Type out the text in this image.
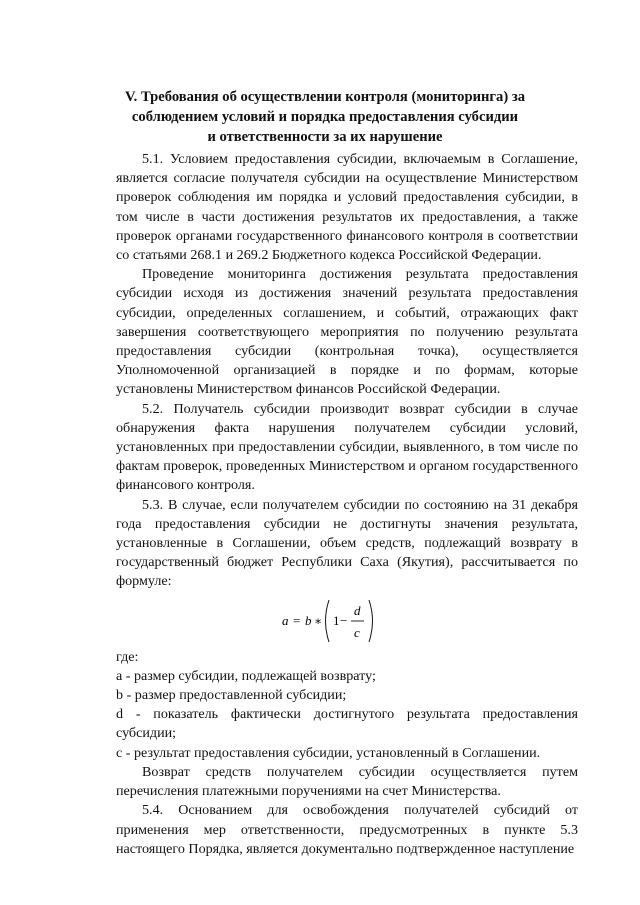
V. Требования об осуществлении контроля (мониторинга) за
соблюдением условий и порядка предоставления субсидии
и ответственности за их нарушение

5.1. Условием предоставления субсидии, включаемым в Соглашение, является согласие получателя субсидии на осуществление Министерством проверок соблюдения им порядка и условий предоставления субсидии, в том числе в части достижения результатов их предоставления, а также проверок органами государственного финансового контроля в соответствии со статьями 268.1 и 269.2 Бюджетного кодекса Российской Федерации.

Проведение мониторинга достижения результата предоставления субсидии исходя из достижения значений результата предоставления субсидии, определенных соглашением, и событий, отражающих факт завершения соответствующего мероприятия по получению результата предоставления субсидии (контрольная точка), осуществляется Уполномоченной организацией в порядке и по формам, которые установлены Министерством финансов Российской Федерации.

5.2. Получатель субсидии производит возврат субсидии в случае обнаружения факта нарушения получателем субсидии условий, установленных при предоставлении субсидии, выявленного, в том числе по фактам проверок, проведенных Министерством и органом государственного финансового контроля.

5.3. В случае, если получателем субсидии по состоянию на 31 декабря года предоставления субсидии не достигнуты значения результата, установленные в Соглашении, объем средств, подлежащий возврату в государственный бюджет Республики Саха (Якутия), рассчитывается по формуле:

a = b ∗ 1 −
d
c

где:

а - размер субсидии, подлежащей возврату;

b - размер предоставленной субсидии;

d - показатель фактически достигнутого результата предоставления субсидии;

с - результат предоставления субсидии, установленный в Соглашении.

Возврат средств получателем субсидии осуществляется путем перечисления платежными поручениями на счет Министерства.

5.4. Основанием для освобождения получателей субсидий от применения мер ответственности, предусмотренных в пункте 5.3 настоящего Порядка, является документально подтвержденное наступление
